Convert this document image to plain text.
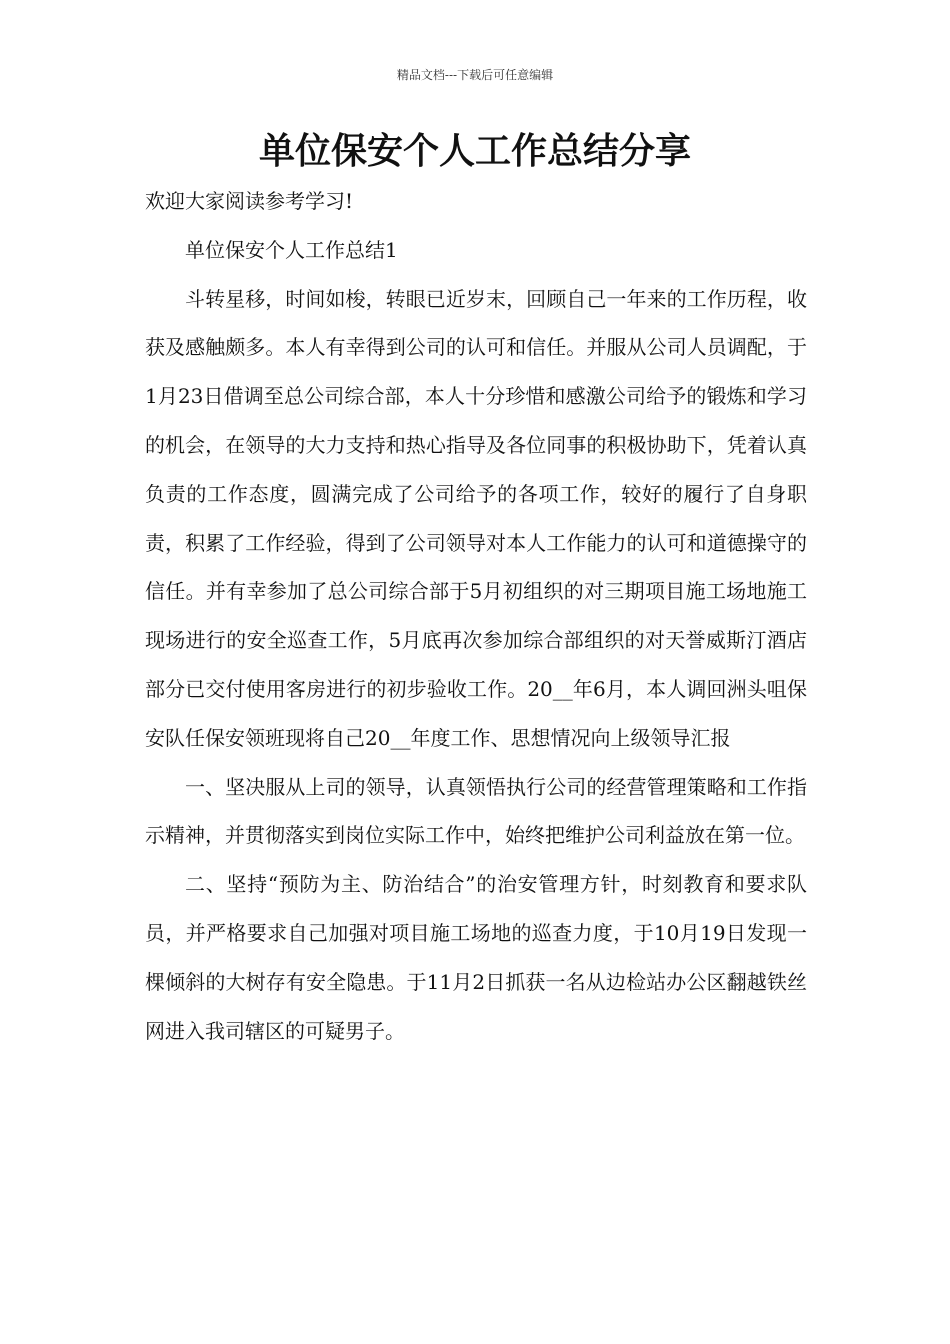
精品文档---下载后可任意编辑
单位保安个人工作总结分享

欢迎大家阅读参考学习!

单位保安个人工作总结1

斗转星移，时间如梭，转眼已近岁末，回顾自己一年来的工作历程，收获及感触颇多。本人有幸得到公司的认可和信任。并服从公司人员调配，于1月23日借调至总公司综合部，本人十分珍惜和感激公司给予的锻炼和学习的机会，在领导的大力支持和热心指导及各位同事的积极协助下，凭着认真负责的工作态度，圆满完成了公司给予的各项工作，较好的履行了自身职责，积累了工作经验，得到了公司领导对本人工作能力的认可和道德操守的信任。并有幸参加了总公司综合部于5月初组织的对三期项目施工场地施工现场进行的安全巡查工作，5月底再次参加综合部组织的对天誉威斯汀酒店部分已交付使用客房进行的初步验收工作。20__年6月，本人调回洲头咀保安队任保安领班现将自己20__年度工作、思想情况向上级领导汇报

一、坚决服从上司的领导，认真领悟执行公司的经营管理策略和工作指示精神，并贯彻落实到岗位实际工作中，始终把维护公司利益放在第一位。

二、坚持“预防为主、防治结合”的治安管理方针，时刻教育和要求队员，并严格要求自己加强对项目施工场地的巡查力度，于10月19日发现一棵倾斜的大树存有安全隐患。于11月2日抓获一名从边检站办公区翻越铁丝网进入我司辖区的可疑男子。
